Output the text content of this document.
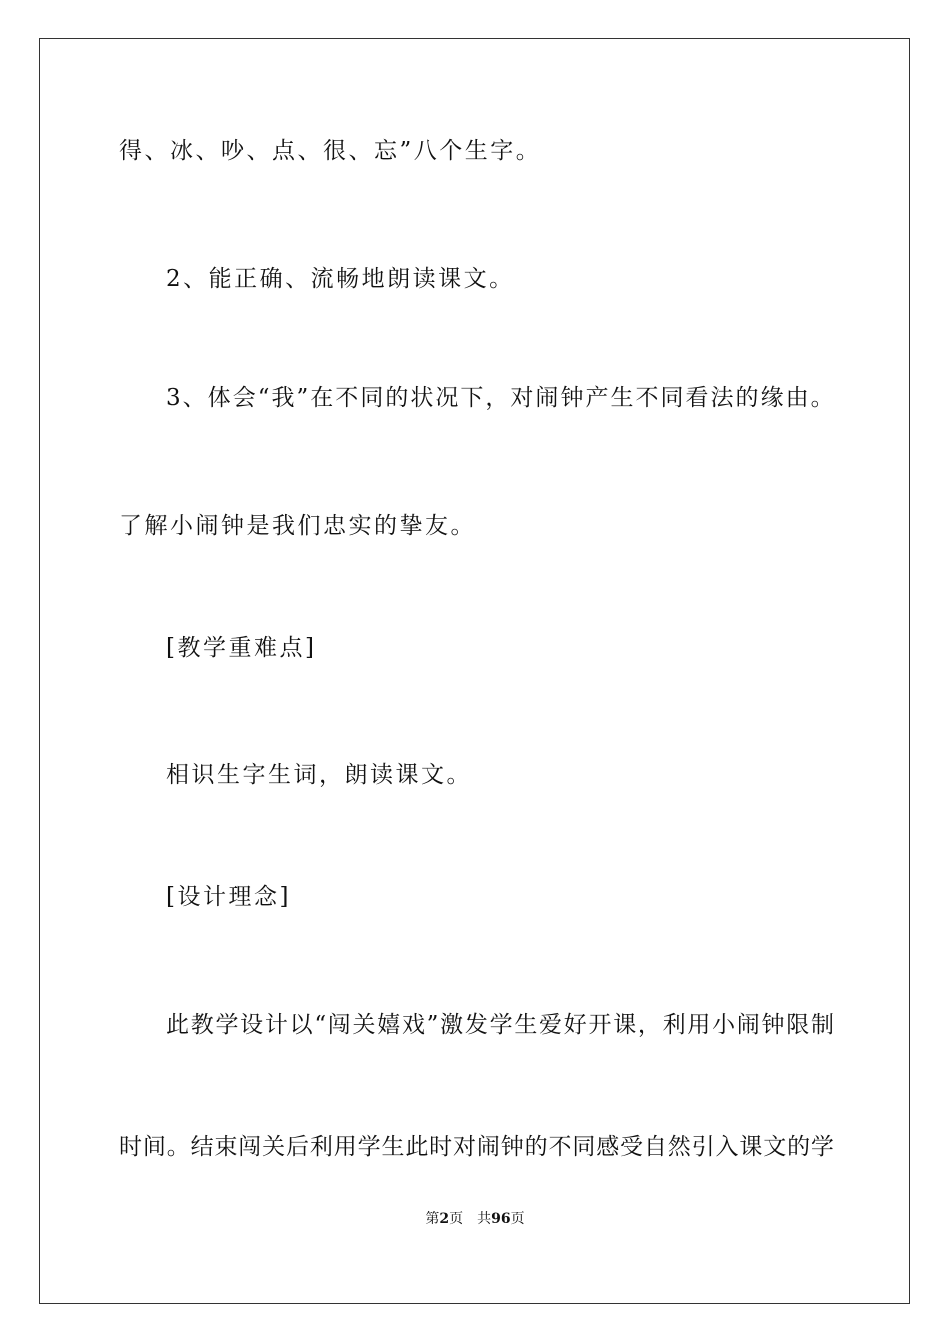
得、冰、吵、点、很、忘”八个生字。
2、能正确、流畅地朗读课文。
3 、 体 会 “ 我 ” 在 不 同 的 状 况 下 ， 对 闹 钟 产 生 不 同 看 法 的 缘 由 。
了解小闹钟是我们忠实的挚友。
[教学重难点]
相识生字生词，朗读课文。
[设计理念]
此 教 学 设 计 以 “ 闯 关 嬉 戏 ” 激 发 学 生 爱 好 开 课 ， 利 用 小 闹 钟 限 制
时 间 。 结 束 闯 关 后 利 用 学 生 此 时 对 闹 钟 的 不 同 感 受 自 然 引 入 课 文 的 学
第2页 共96页
